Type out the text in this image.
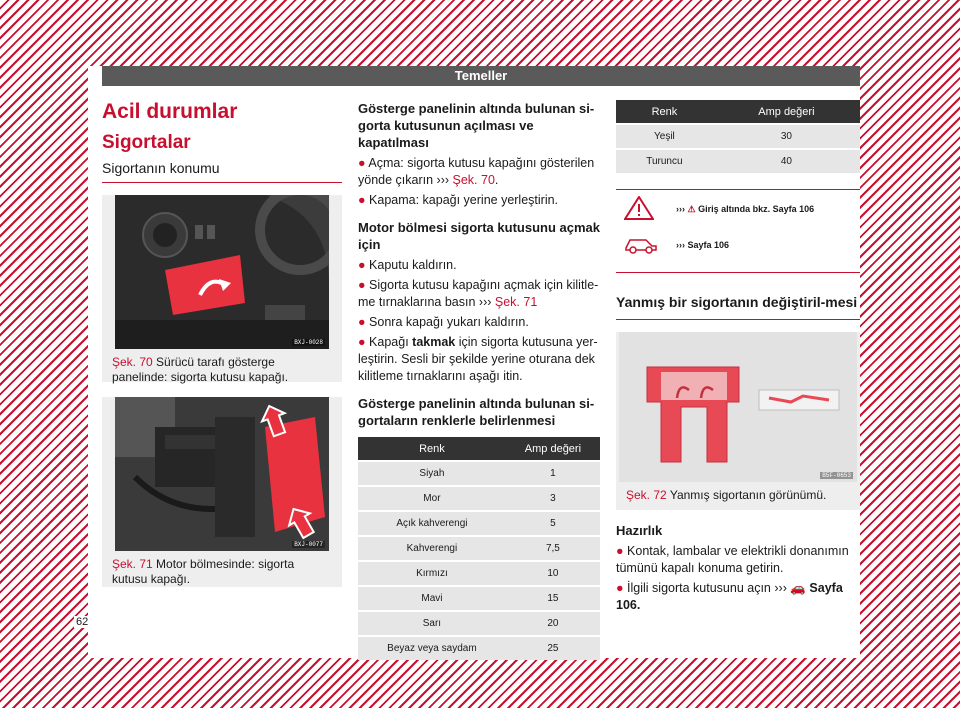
Temeller
Acil durumlar
Sigortalar
Sigortanın konumu
BXJ-0028
Şek. 70 Sürücü tarafı gösterge panelinde: sigorta kutusu kapağı.
BXJ-0077
Şek. 71 Motor bölmesinde: sigorta kutusu kapağı.
Gösterge panelinin altında bulunan si-gorta kutusunun açılması ve kapatılması
● Açma: sigorta kutusu kapağını gösterilen yönde çıkarın ››› Şek. 70.
● Kapama: kapağı yerine yerleştirin.
Motor bölmesi sigorta kutusunu açmak için
● Kaputu kaldırın.
● Sigorta kutusu kapağını açmak için kilitle-me tırnaklarına basın ››› Şek. 71
● Sonra kapağı yukarı kaldırın.
● Kapağı takmak için sigorta kutusuna yer-leştirin. Sesli bir şekilde yerine oturana dek kilitleme tırnaklarını aşağı itin.
Gösterge panelinin altında bulunan si-gortaların renklerle belirlenmesi
Renk	Amp değeri
Siyah	1
Mor	3
Açık kahverengi	5
Kahverengi	7,5
Kırmızı	10
Mavi	15
Sarı	20
Beyaz veya saydam	25
Renk	Amp değeri
Yeşil	30
Turuncu	40
››› ⚠ Giriş altında bkz. Sayfa 106
››› Sayfa 106
Yanmış bir sigortanın değiştiril-mesi
B5F-0653
Şek. 72 Yanmış sigortanın görünümü.
Hazırlık
● Kontak, lambalar ve elektrikli donanımın tümünü kapalı konuma getirin.
● İlgili sigorta kutusunu açın ››› 🚗 Sayfa 106.
62
